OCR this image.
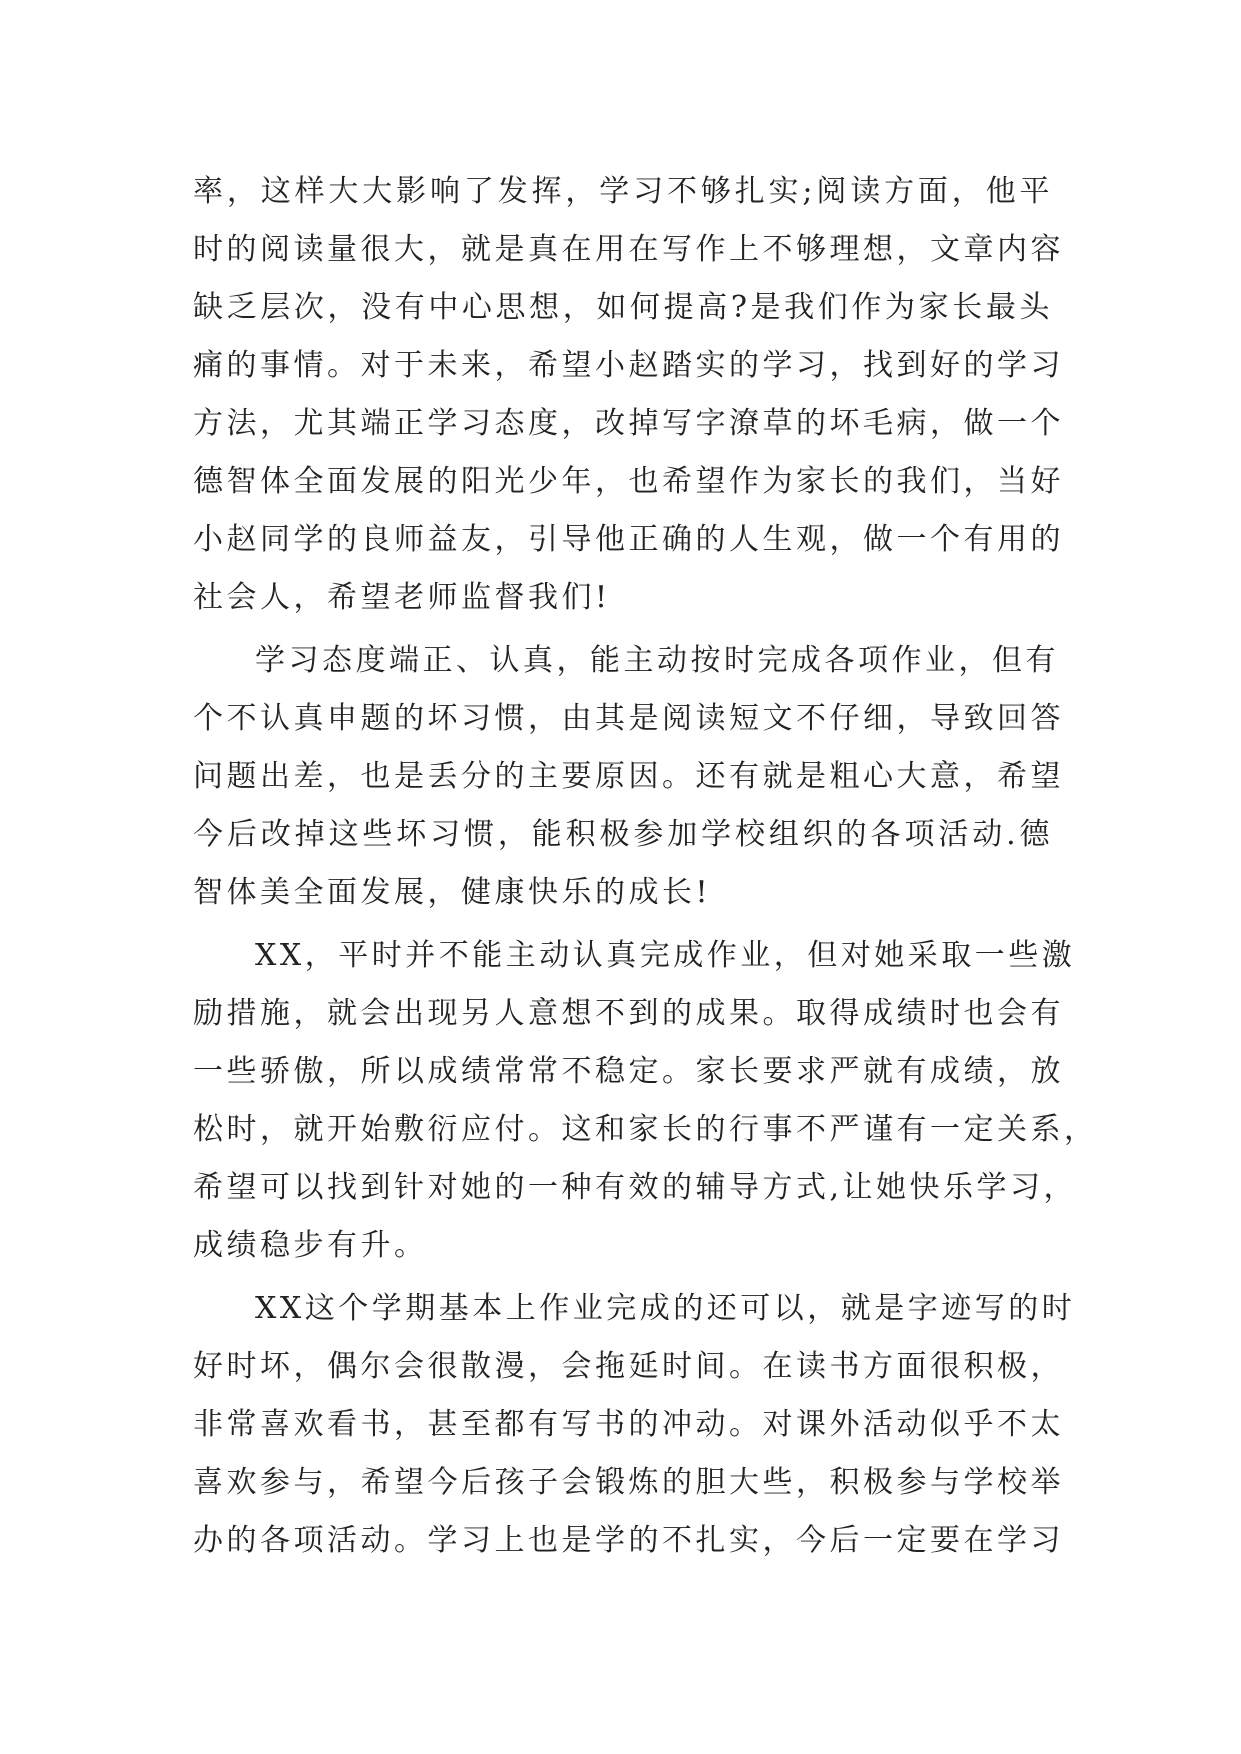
率，这样大大影响了发挥，学习不够扎实;阅读方面，他平
时的阅读量很大，就是真在用在写作上不够理想，文章内容
缺乏层次，没有中心思想，如何提高?是我们作为家长最头
痛的事情。对于未来，希望小赵踏实的学习，找到好的学习
方法，尤其端正学习态度，改掉写字潦草的坏毛病，做一个
德智体全面发展的阳光少年，也希望作为家长的我们，当好
小赵同学的良师益友，引导他正确的人生观，做一个有用的
社会人，希望老师监督我们!
学习态度端正、认真，能主动按时完成各项作业，但有
个不认真申题的坏习惯，由其是阅读短文不仔细，导致回答
问题出差，也是丢分的主要原因。还有就是粗心大意，希望
今后改掉这些坏习惯，能积极参加学校组织的各项活动.德
智体美全面发展，健康快乐的成长!
XX，平时并不能主动认真完成作业，但对她采取一些激
励措施，就会出现另人意想不到的成果。取得成绩时也会有
一些骄傲，所以成绩常常不稳定。家长要求严就有成绩，放
松时，就开始敷衍应付。这和家长的行事不严谨有一定关系，
希望可以找到针对她的一种有效的辅导方式,让她快乐学习，
成绩稳步有升。
XX这个学期基本上作业完成的还可以，就是字迹写的时
好时坏，偶尔会很散漫，会拖延时间。在读书方面很积极，
非常喜欢看书，甚至都有写书的冲动。对课外活动似乎不太
喜欢参与，希望今后孩子会锻炼的胆大些，积极参与学校举
办的各项活动。学习上也是学的不扎实，今后一定要在学习
